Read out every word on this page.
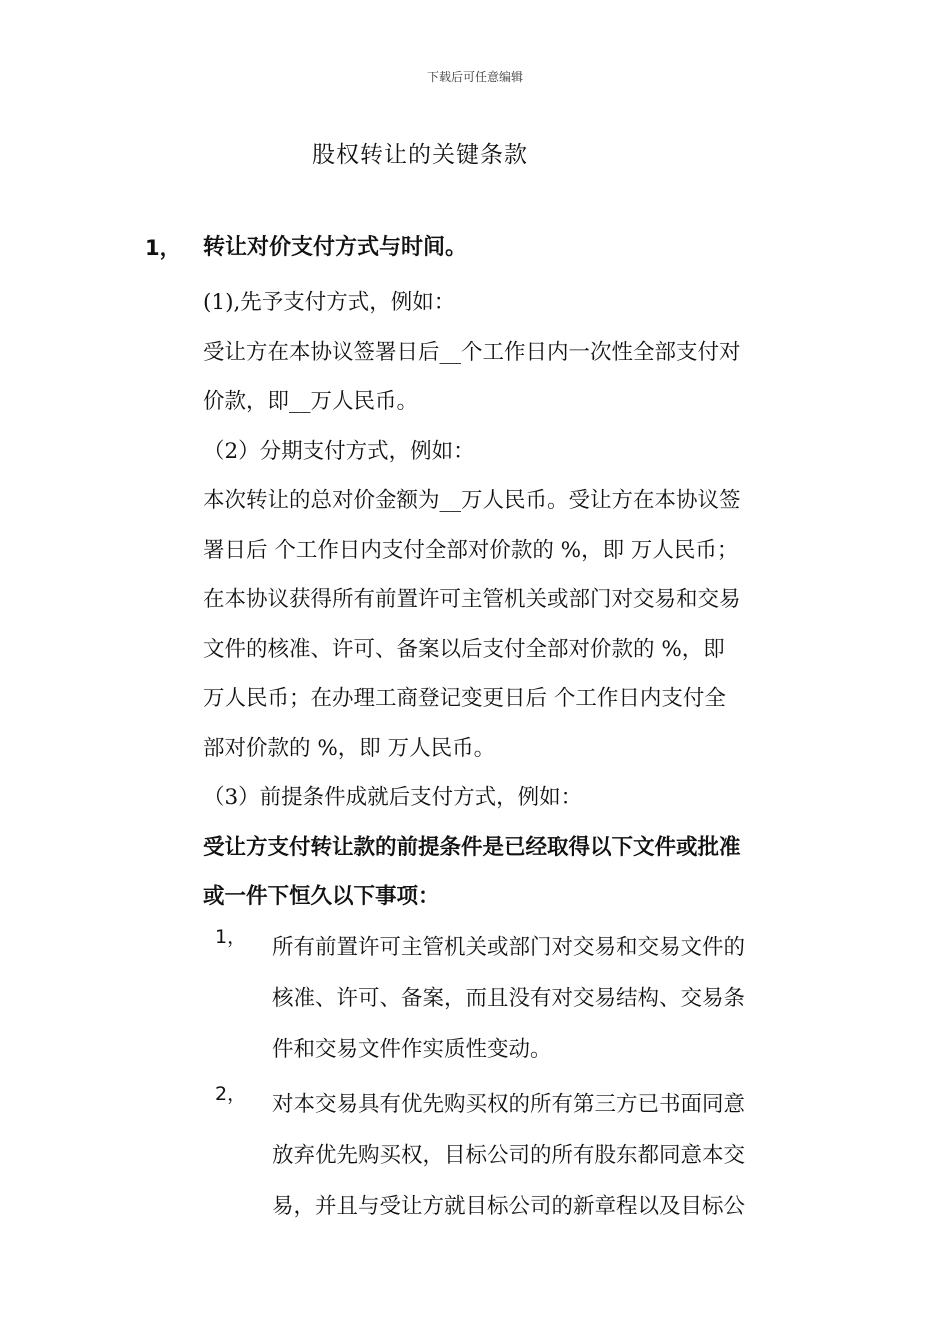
下载后可任意编辑
股权转让的关键条款
1， 转让对价支付方式与时间。
(1),先予支付方式，例如：
受让方在本协议签署日后__个工作日内一次性全部支付对
价款，即__万人民币。
（2）分期支付方式，例如：
本次转让的总对价金额为__万人民币。受让方在本协议签
署日后 个工作日内支付全部对价款的 %，即 万人民币；
在本协议获得所有前置许可主管机关或部门对交易和交易
文件的核准、许可、备案以后支付全部对价款的 %，即
万人民币；在办理工商登记变更日后 个工作日内支付全
部对价款的 %，即 万人民币。
（3）前提条件成就后支付方式，例如：
受让方支付转让款的前提条件是已经取得以下文件或批准
或一件下恒久以下事项：
1， 所有前置许可主管机关或部门对交易和交易文件的
核准、许可、备案，而且没有对交易结构、交易条
件和交易文件作实质性变动。
2， 对本交易具有优先购买权的所有第三方已书面同意
放弃优先购买权，目标公司的所有股东都同意本交
易，并且与受让方就目标公司的新章程以及目标公
